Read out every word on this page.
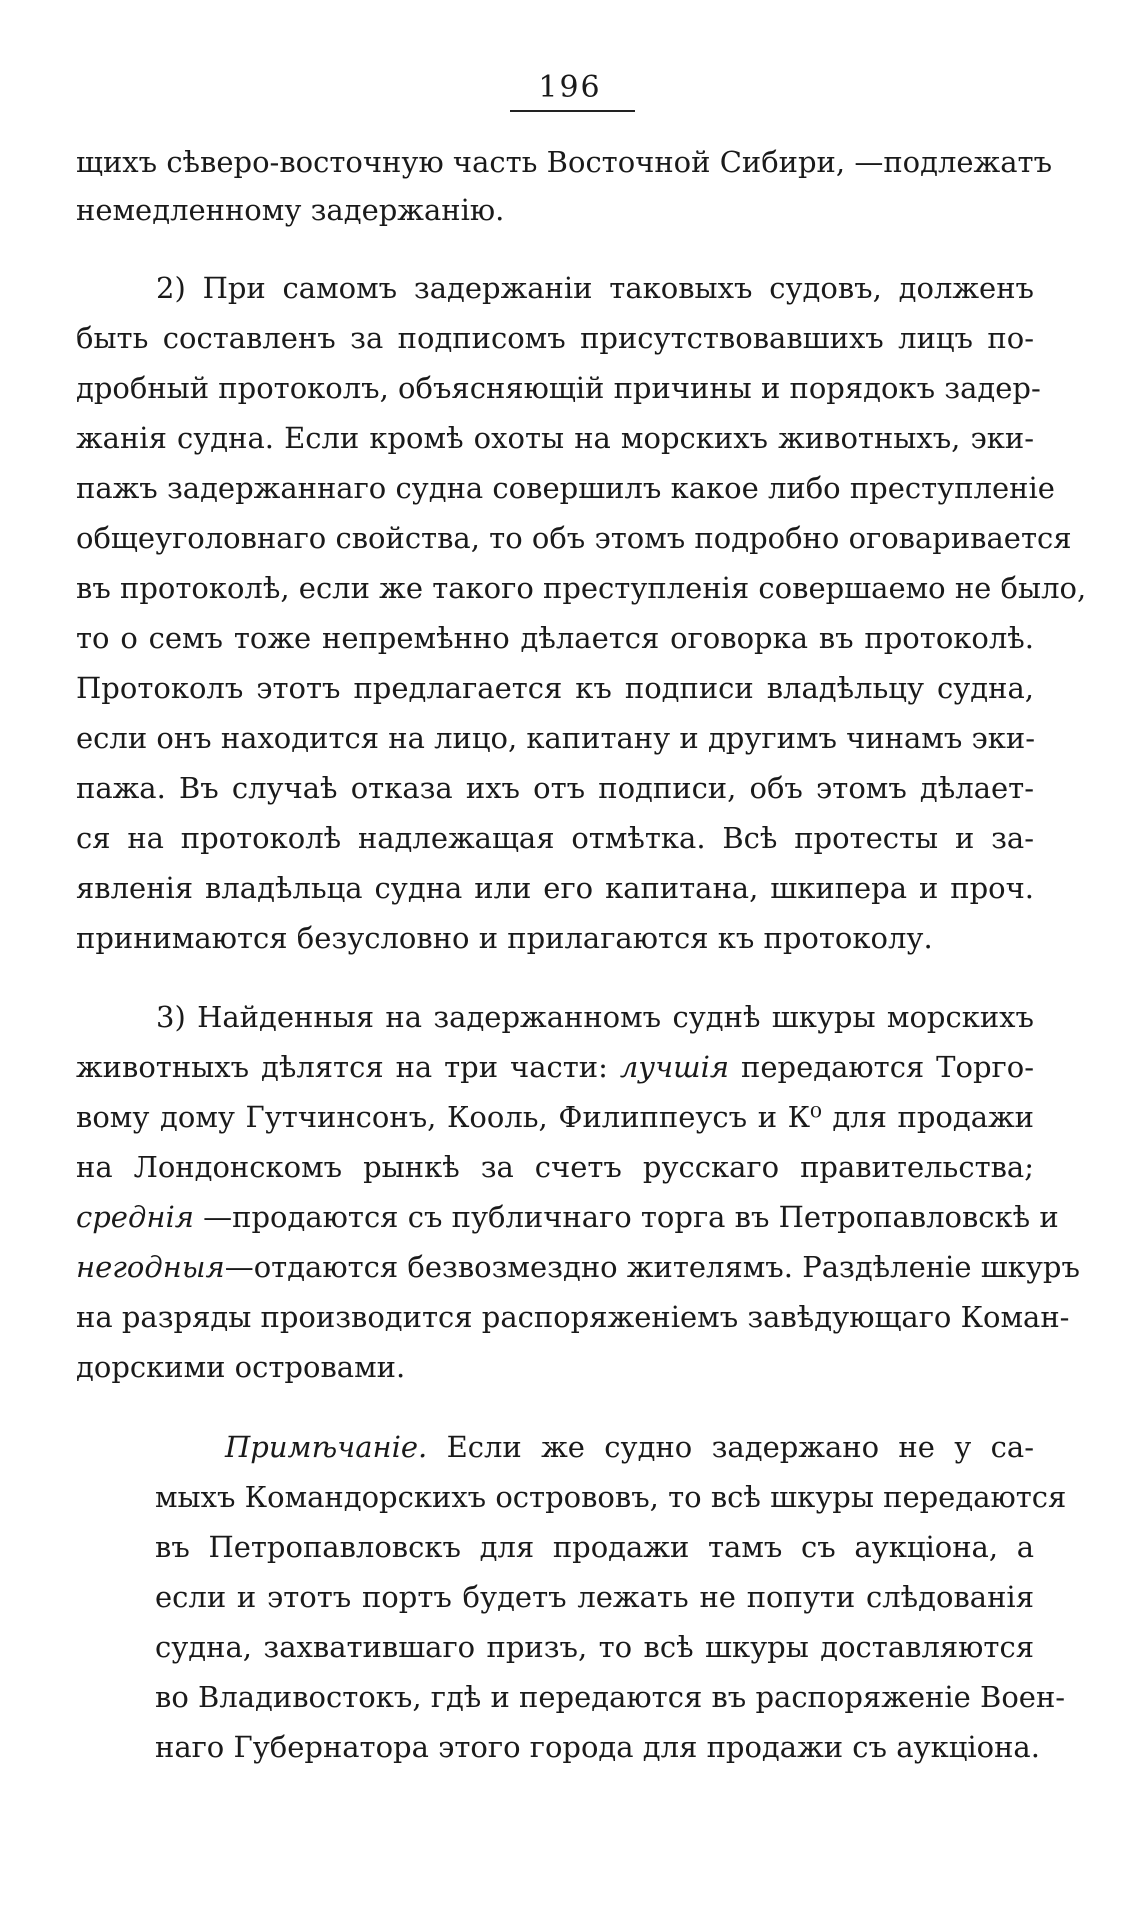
196
щихъ сѣверо-восточную часть Восточной Сибири, —подлежатъ
немедленному задержанію.
2) При самомъ задержаніи таковыхъ судовъ, долженъ
быть составленъ за подписомъ присутствовавшихъ лицъ по-
дробный протоколъ, объясняющій причины и порядокъ задер-
жанія судна. Если кромѣ охоты на морскихъ животныхъ, эки-
пажъ задержаннаго судна совершилъ какое либо преступленіе
общеуголовнаго свойства, то объ этомъ подробно оговаривается
въ протоколѣ, если же такого преступленія совершаемо не было,
то о семъ тоже непремѣнно дѣлается оговорка въ протоколѣ.
Протоколъ этотъ предлагается къ подписи владѣльцу судна,
если онъ находится на лицо, капитану и другимъ чинамъ эки-
пажа. Въ случаѣ отказа ихъ отъ подписи, объ этомъ дѣлает-
ся на протоколѣ надлежащая отмѣтка. Всѣ протесты и за-
явленія владѣльца судна или его капитана, шкипера и проч.
принимаются безусловно и прилагаются къ протоколу.
3) Найденныя на задержанномъ суднѣ шкуры морскихъ
животныхъ дѣлятся на три части: лучшія передаются Торго-
вому дому Гутчинсонъ, Кооль, Филиппеусъ и К⁰ для продажи
на Лондонскомъ рынкѣ за счетъ русскаго правительства;
среднія —продаются съ публичнаго торга въ Петропавловскѣ и
негодныя—отдаются безвозмездно жителямъ. Раздѣленіе шкуръ
на разряды производится распоряженіемъ завѣдующаго Коман-
дорскими островами.
Примѣчаніе. Если же судно задержано не у са-
мыхъ Командорскихъ острововъ, то всѣ шкуры передаются
въ Петропавловскъ для продажи тамъ съ аукціона, а
если и этотъ портъ будетъ лежать не попути слѣдованія
судна, захватившаго призъ, то всѣ шкуры доставляются
во Владивостокъ, гдѣ и передаются въ распоряженіе Воен-
наго Губернатора этого города для продажи съ аукціона.
